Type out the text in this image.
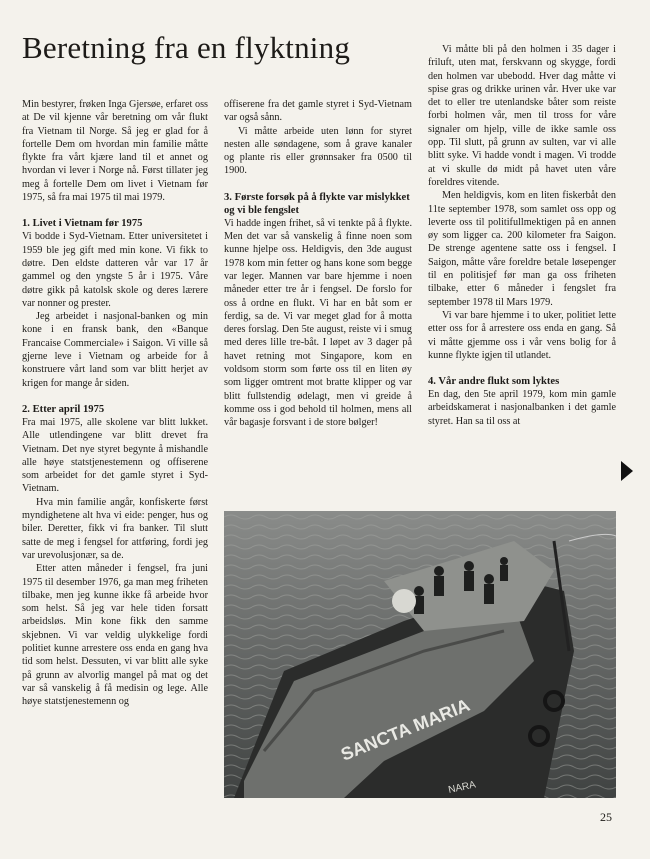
Beretning fra en flyktning

Min bestyrer, frøken Inga Gjersøe, erfaret oss at De vil kjenne vår beretning om vår flukt fra Vietnam til Norge. Så jeg er glad for å fortelle Dem om hvordan min familie måtte flykte fra vårt kjære land til et annet og hvordan vi lever i Norge nå. Først tillater jeg meg å fortelle Dem om livet i Vietnam før 1975, så fra mai 1975 til mai 1979.

1. Livet i Vietnam før 1975

Vi bodde i Syd-Vietnam. Etter universitetet i 1959 ble jeg gift med min kone. Vi fikk to døtre. Den eldste datteren vår var 17 år gammel og den yngste 5 år i 1975. Våre døtre gikk på katolsk skole og deres lærere var nonner og prester.

Jeg arbeidet i nasjonal-banken og min kone i en fransk bank, den «Banque Francaise Commerciale» i Saigon. Vi ville så gjerne leve i Vietnam og arbeide for å konstruere vårt land som var blitt herjet av krigen for mange år siden.

2. Etter april 1975

Fra mai 1975, alle skolene var blitt lukket. Alle utlendingene var blitt drevet fra Vietnam. Det nye styret begynte å mishandle alle høye statstjenestemenn og offiserene som arbeidet for det gamle styret i Syd-Vietnam.

Hva min familie angår, konfiskerte først myndighetene alt hva vi eide: penger, hus og biler. Deretter, fikk vi fra banker. Til slutt satte de meg i fengsel for attføring, fordi jeg var urevolusjonær, sa de.

Etter atten måneder i fengsel, fra juni 1975 til desember 1976, ga man meg friheten tilbake, men jeg kunne ikke få arbeide hvor som helst. Så jeg var hele tiden forsatt arbeidsløs. Min kone fikk den samme skjebnen. Vi var veldig ulykkelige fordi politiet kunne arrestere oss enda en gang hva tid som helst. Dessuten, vi var blitt alle syke på grunn av alvorlig mangel på mat og det var så vanskelig å få medisin og lege. Alle høye statstjenestemenn og

offiserene fra det gamle styret i Syd-Vietnam var også sånn.

Vi måtte arbeide uten lønn for styret nesten alle søndagene, som å grave kanaler og plante ris eller grønnsaker fra 0500 til 1900.

3. Første forsøk på å flykte var mislykket og vi ble fengslet

Vi hadde ingen frihet, så vi tenkte på å flykte. Men det var så vanskelig å finne noen som kunne hjelpe oss. Heldigvis, den 3de august 1978 kom min fetter og hans kone som begge var leger. Mannen var bare hjemme i noen måneder etter tre år i fengsel. De forslo for oss å ordne en flukt. Vi har en båt som er ferdig, sa de. Vi var meget glad for å motta deres forslag. Den 5te august, reiste vi i smug med deres lille tre-båt. I løpet av 3 dager på havet retning mot Singapore, kom en voldsom storm som førte oss til en liten øy som ligger omtrent mot bratte klipper og var blitt fullstendig ødelagt, men vi greide å komme oss i god behold til holmen, mens all vår bagasje forsvant i de store bølger!

Vi måtte bli på den holmen i 35 dager i friluft, uten mat, ferskvann og skygge, fordi den holmen var ubebodd. Hver dag måtte vi spise gras og drikke urinen vår. Hver uke var det to eller tre utenlandske båter som reiste forbi holmen vår, men til tross for våre signaler om hjelp, ville de ikke samle oss opp. Til slutt, på grunn av sulten, var vi alle blitt syke. Vi hadde vondt i magen. Vi trodde at vi skulle dø midt på havet uten våre foreldres vitende.

Men heldigvis, kom en liten fiskerbåt den 11te september 1978, som samlet oss opp og leverte oss til politifullmektigen på en annen øy som ligger ca. 200 kilometer fra Saigon. De strenge agentene satte oss i fengsel. I Saigon, måtte våre foreldre betale løsepenger til en politisjef før man ga oss friheten tilbake, etter 6 måneder i fengslet fra september 1978 til Mars 1979.

Vi var bare hjemme i to uker, politiet lette etter oss for å arrestere oss enda en gang. Så vi måtte gjemme oss i vår vens bolig for å kunne flykte igjen til utlandet.

4. Vår andre flukt som lyktes

En dag, den 5te april 1979, kom min gamle arbeidskamerat i nasjonalbanken i det gamle styret. Han sa til oss at

SANCTA MARIA
NARA
25
